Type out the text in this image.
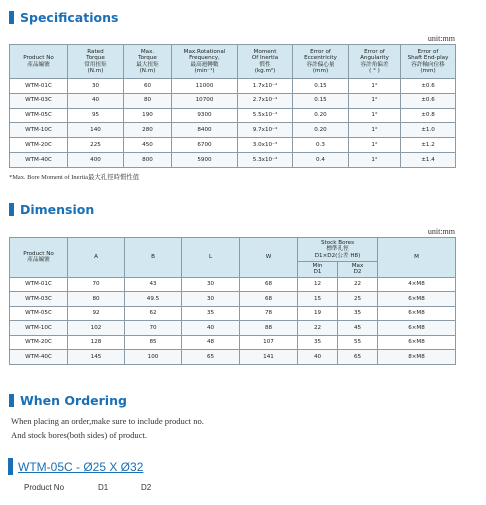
Specifications
unit:mm
Product No
產品編號	Rated
Torque
常用扭矩
(N.m)	Max.
Torque
最大扭矩
(N.m)	Max.Rotational
Frequency,
最高迴轉數
(min⁻¹)	Moment
Of Inertia
慣性
(kg.m²)	Error of
Eccentricity
容許偏心量
(mm)	Error of
Angularity
容許角偏差
( ° )	Error of
Shaft End-play
容許軸向位移
(mm)
WTM-01C	30	60	11000	1.7x10⁻⁴	0.15	1°	±0.6
WTM-03C	40	80	10700	2.7x10⁻⁴	0.15	1°	±0.6
WTM-05C	95	190	9300	5.5x10⁻⁴	0.20	1°	±0.8
WTM-10C	140	280	8400	9.7x10⁻⁴	0.20	1°	±1.0
WTM-20C	225	450	6700	3.0x10⁻³	0.3	1°	±1.2
WTM-40C	400	800	5900	5.3x10⁻³	0.4	1°	±1.4
*Max. Bore Moment of Inertia最大孔徑時慣性值
Dimension
unit:mm
Product No
產品編號	A	B	L	W	Stock Bores
標準孔徑
D1×D2(公差 H8)		M
					Min
D1	Max
D2	
WTM-01C	70	43	30	68	12	22	4×M8
WTM-03C	80	49.5	30	68	15	25	6×M8
WTM-05C	92	62	35	78	19	35	6×M8
WTM-10C	102	70	40	88	22	45	6×M8
WTM-20C	128	85	48	107	35	55	6×M8
WTM-40C	145	100	65	141	40	65	8×M8
When Ordering
When placing an order,make sure to include product no.
And stock bores(both sides) of product.
WTM-05C - Ø25 X Ø32
Product No	D1	D2
